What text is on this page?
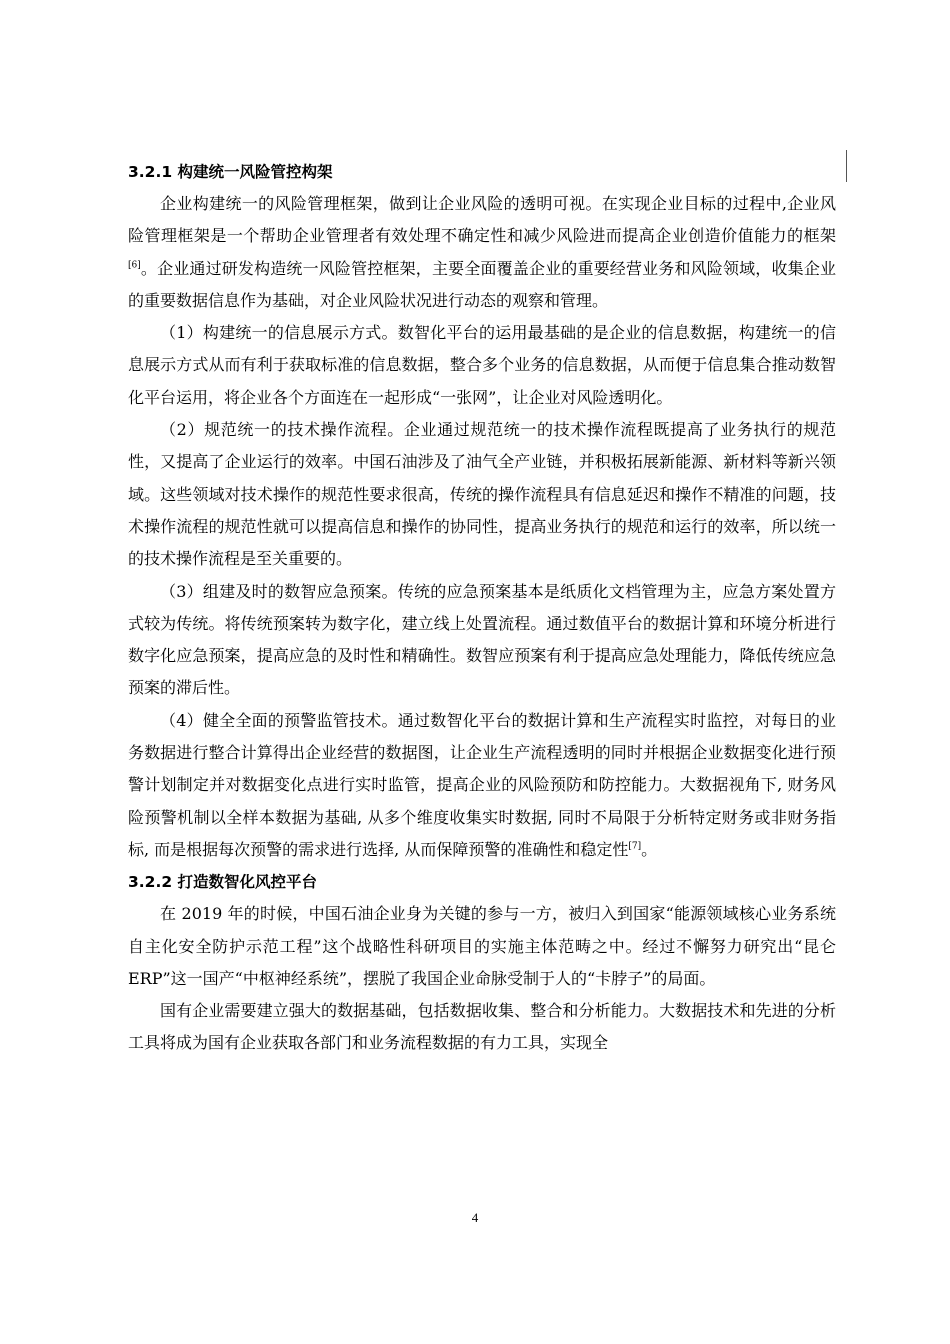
3.2.1 构建统一风险管控构架

企业构建统一的风险管理框架，做到让企业风险的透明可视。在实现企业目标的过程中,企业风险管理框架是一个帮助企业管理者有效处理不确定性和减少风险进而提高企业创造价值能力的框架[6]。企业通过研发构造统一风险管控框架，主要全面覆盖企业的重要经营业务和风险领域，收集企业的重要数据信息作为基础，对企业风险状况进行动态的观察和管理。

（1）构建统一的信息展示方式。数智化平台的运用最基础的是企业的信息数据，构建统一的信息展示方式从而有利于获取标准的信息数据，整合多个业务的信息数据，从而便于信息集合推动数智化平台运用，将企业各个方面连在一起形成“一张网”，让企业对风险透明化。

（2）规范统一的技术操作流程。企业通过规范统一的技术操作流程既提高了业务执行的规范性，又提高了企业运行的效率。中国石油涉及了油气全产业链，并积极拓展新能源、新材料等新兴领域。这些领域对技术操作的规范性要求很高，传统的操作流程具有信息延迟和操作不精准的问题，技术操作流程的规范性就可以提高信息和操作的协同性，提高业务执行的规范和运行的效率，所以统一的技术操作流程是至关重要的。

（3）组建及时的数智应急预案。传统的应急预案基本是纸质化文档管理为主，应急方案处置方式较为传统。将传统预案转为数字化，建立线上处置流程。通过数值平台的数据计算和环境分析进行数字化应急预案，提高应急的及时性和精确性。数智应预案有利于提高应急处理能力，降低传统应急预案的滞后性。

（4）健全全面的预警监管技术。通过数智化平台的数据计算和生产流程实时监控，对每日的业务数据进行整合计算得出企业经营的数据图，让企业生产流程透明的同时并根据企业数据变化进行预警计划制定并对数据变化点进行实时监管，提高企业的风险预防和防控能力。大数据视角下, 财务风险预警机制以全样本数据为基础, 从多个维度收集实时数据, 同时不局限于分析特定财务或非财务指标, 而是根据每次预警的需求进行选择, 从而保障预警的准确性和稳定性[7]。

3.2.2 打造数智化风控平台

在 2019 年的时候，中国石油企业身为关键的参与一方，被归入到国家“能源领域核心业务系统自主化安全防护示范工程”这个战略性科研项目的实施主体范畴之中。经过不懈努力研究出“昆仑 ERP”这一国产“中枢神经系统”，摆脱了我国企业命脉受制于人的“卡脖子”的局面。

国有企业需要建立强大的数据基础，包括数据收集、整合和分析能力。大数据技术和先进的分析工具将成为国有企业获取各部门和业务流程数据的有力工具，实现全

4
